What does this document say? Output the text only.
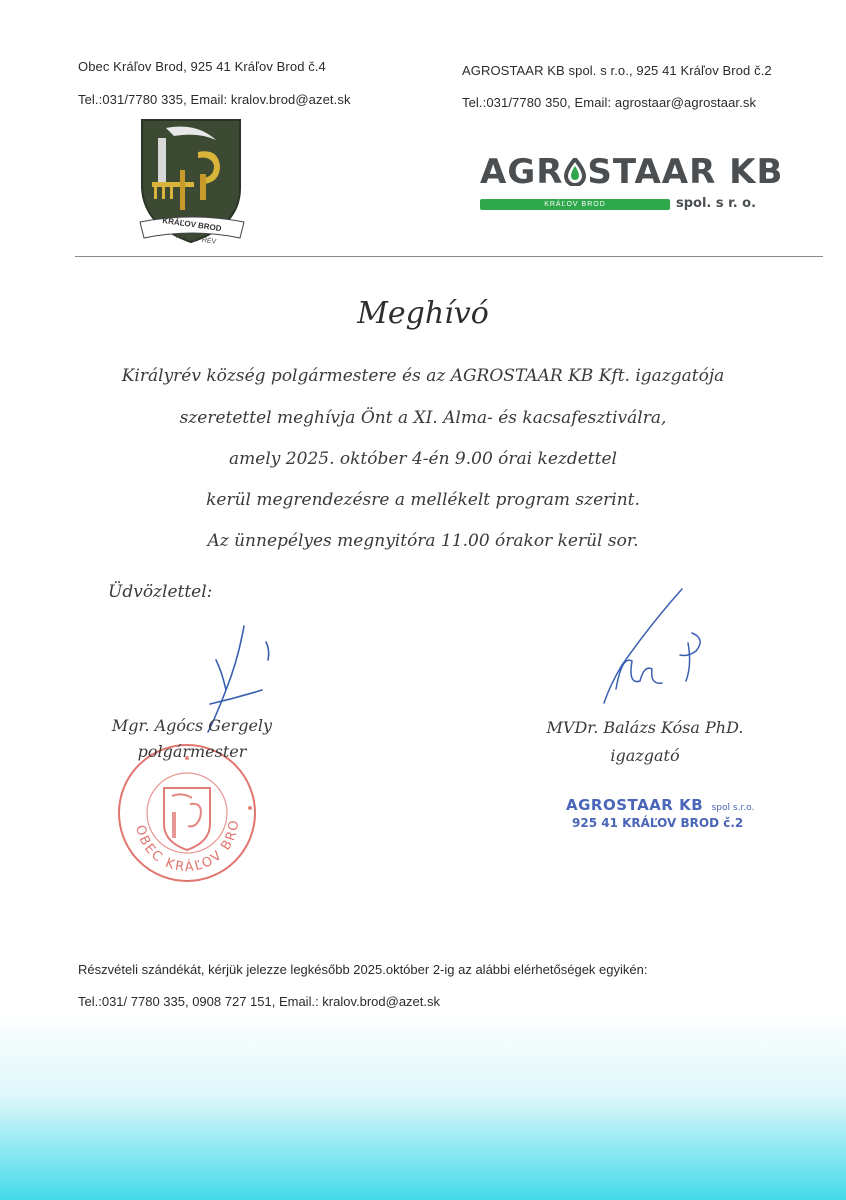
Obec Kráľov Brod, 925 41 Kráľov Brod č.4
Tel.:031/7780 335, Email: kralov.brod@azet.sk
AGROSTAAR KB spol. s r.o., 925 41 Kráľov Brod č.2
Tel.:031/7780 350, Email: agrostaar@agrostaar.sk
KRÁĽOV BROD
KIRÁLY RÉV
AGR STAAR KB
KRÁĽOV BROD	spol. s r. o.
Meghívó
Királyrév község polgármestere és az AGROSTAAR KB Kft. igazgatója
szeretettel meghívja Önt a XI. Alma- és kacsafesztiválra,
amely 2025. október 4-én 9.00 órai kezdettel
kerül megrendezésre a mellékelt program szerint.
Az ünnepélyes megnyitóra 11.00 órakor kerül sor.
Üdvözlettel:
OBEC KRÁĽOV BRO
Mgr. Agócs Gergely
polgármester
MVDr. Balázs Kósa PhD.
igazgató
AGROSTAAR KB spol s.r.o.
925 41 KRÁĽOV BROD č.2
Részvételi szándékát, kérjük jelezze legkésőbb 2025.október 2-ig az alábbi elérhetőségek egyikén:
Tel.:031/ 7780 335, 0908 727 151, Email.: kralov.brod@azet.sk
